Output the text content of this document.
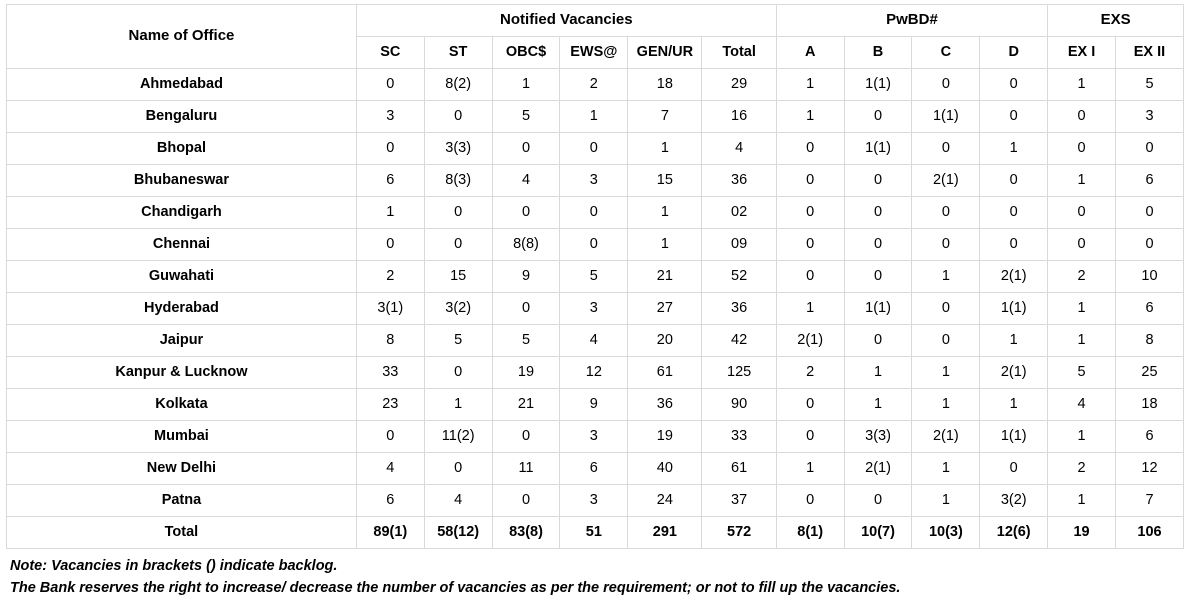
Name of Office	Notified Vacancies						PwBD#				EXS	
	SC	ST	OBC$	EWS@	GEN/UR	Total	A	B	C	D	EX I	EX II
Ahmedabad	0	8(2)	1	2	18	29	1	1(1)	0	0	1	5
Bengaluru	3	0	5	1	7	16	1	0	1(1)	0	0	3
Bhopal	0	3(3)	0	0	1	4	0	1(1)	0	1	0	0
Bhubaneswar	6	8(3)	4	3	15	36	0	0	2(1)	0	1	6
Chandigarh	1	0	0	0	1	02	0	0	0	0	0	0
Chennai	0	0	8(8)	0	1	09	0	0	0	0	0	0
Guwahati	2	15	9	5	21	52	0	0	1	2(1)	2	10
Hyderabad	3(1)	3(2)	0	3	27	36	1	1(1)	0	1(1)	1	6
Jaipur	8	5	5	4	20	42	2(1)	0	0	1	1	8
Kanpur & Lucknow	33	0	19	12	61	125	2	1	1	2(1)	5	25
Kolkata	23	1	21	9	36	90	0	1	1	1	4	18
Mumbai	0	11(2)	0	3	19	33	0	3(3)	2(1)	1(1)	1	6
New Delhi	4	0	11	6	40	61	1	2(1)	1	0	2	12
Patna	6	4	0	3	24	37	0	0	1	3(2)	1	7
Total	89(1)	58(12)	83(8)	51	291	572	8(1)	10(7)	10(3)	12(6)	19	106
Note: Vacancies in brackets () indicate backlog.
The Bank reserves the right to increase/ decrease the number of vacancies as per the requirement; or not to fill up the vacancies.
